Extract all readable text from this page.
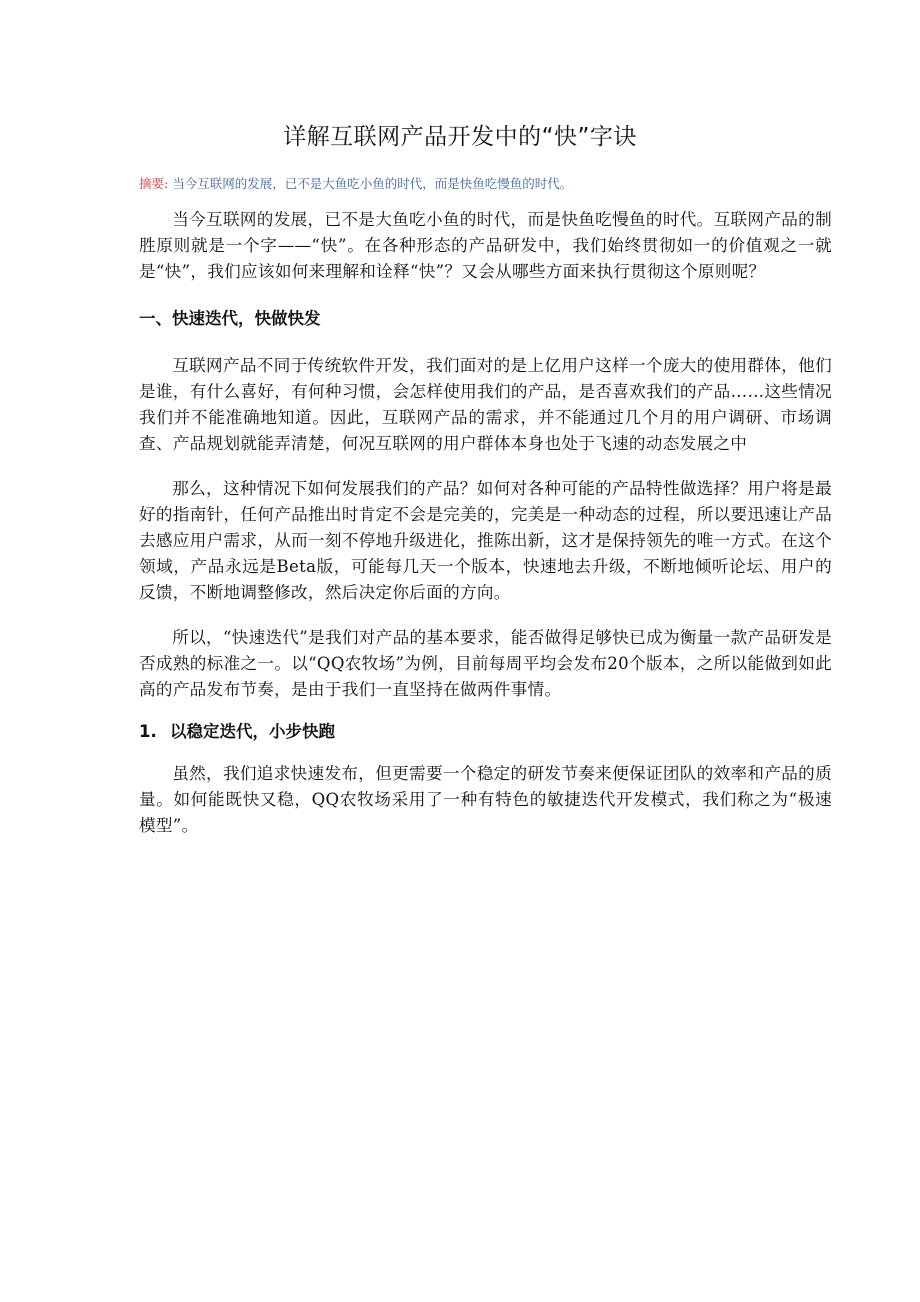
详解互联网产品开发中的“快”字诀
摘要: 当今互联网的发展，已不是大鱼吃小鱼的时代，而是快鱼吃慢鱼的时代。

当今互联网的发展，已不是大鱼吃小鱼的时代，而是快鱼吃慢鱼的时代。互联网产品的制胜原则就是一个字——“快”。在各种形态的产品研发中，我们始终贯彻如一的价值观之一就是“快”，我们应该如何来理解和诠释“快”？又会从哪些方面来执行贯彻这个原则呢？

一、快速迭代，快做快发

互联网产品不同于传统软件开发，我们面对的是上亿用户这样一个庞大的使用群体，他们是谁，有什么喜好，有何种习惯，会怎样使用我们的产品，是否喜欢我们的产品……这些情况我们并不能准确地知道。因此，互联网产品的需求，并不能通过几个月的用户调研、市场调查、产品规划就能弄清楚，何况互联网的用户群体本身也处于飞速的动态发展之中

那么，这种情况下如何发展我们的产品？如何对各种可能的产品特性做选择？用户将是最好的指南针，任何产品推出时肯定不会是完美的，完美是一种动态的过程，所以要迅速让产品去感应用户需求，从而一刻不停地升级进化，推陈出新，这才是保持领先的唯一方式。在这个领域，产品永远是Beta版，可能每几天一个版本，快速地去升级，不断地倾听论坛、用户的反馈，不断地调整修改，然后决定你后面的方向。

所以，“快速迭代”是我们对产品的基本要求，能否做得足够快已成为衡量一款产品研发是否成熟的标准之一。以“QQ农牧场”为例，目前每周平均会发布20个版本，之所以能做到如此高的产品发布节奏，是由于我们一直坚持在做两件事情。

1. 以稳定迭代，小步快跑

虽然，我们追求快速发布，但更需要一个稳定的研发节奏来便保证团队的效率和产品的质量。如何能既快又稳，QQ农牧场采用了一种有特色的敏捷迭代开发模式，我们称之为“极速模型”。
